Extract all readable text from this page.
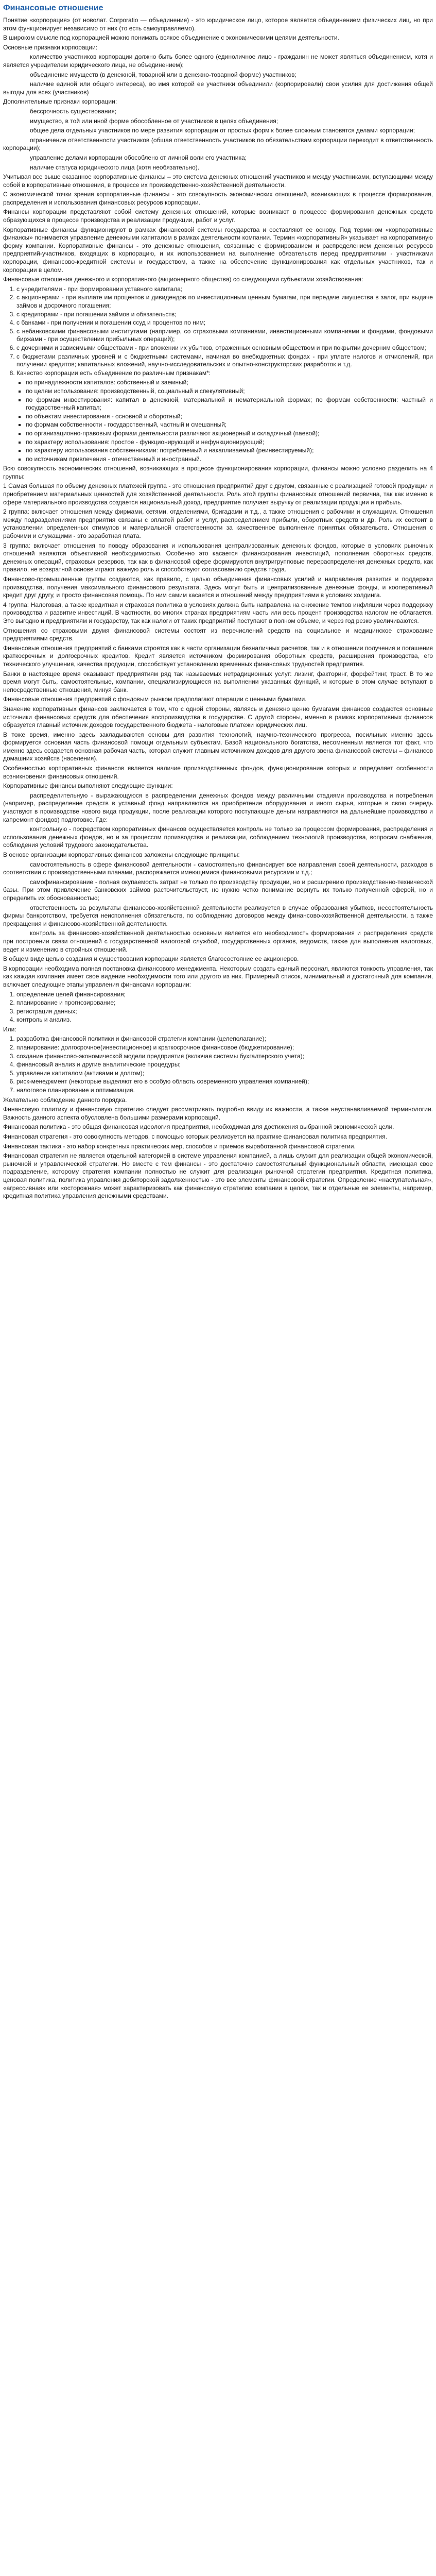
Финансовые отношение

Понятие «корпорация» (от новолат. Corporatio — объединение) - это юридическое лицо, которое является объединением физических лиц, но при этом функционирует независимо от них (то есть самоуправляемо).

В широком смысле под корпорацией можно понимать всякое объединение с экономическими целями деятельности.

Основные признаки корпорации:

количество участников корпорации должно быть более одного (единоличное лицо - гражданин не может являться объединением, хотя и является учредителем юридического лица, не объединением);

объединение имуществ (в денежной, товарной или в денежно-товарной форме) участников;

наличие единой или общего интереса), во имя которой ее участники объединили (корпорировали) свои усилия для достижения общей выгоды для всех (участников)

Дополнительные признаки корпорации:

бессрочность существования;

имущество, в той или иной форме обособленное от участников в целях объединения;

общее дела отдельных участников по мере развития корпорации от простых форм к более сложным становятся делами корпорации;

ограничение ответственности участников (общая ответственность участников по обязательствам корпорации переходит в ответственность корпорации);

управление делами корпорации обособлено от личной воли его участника;

наличие статуса юридического лица (хотя необязательно).

Учитывая все выше сказанное корпоративные финансы – это система денежных отношений участников и между участниками, вступающими между собой в корпоративные отношения, в процессе их производственно-хозяйственной деятельности.

С экономической точки зрения корпоративные финансы - это совокупность экономических отношений, возникающих в процессе формирования, распределения и использования финансовых ресурсов корпорации.

Финансы корпорации представляют собой систему денежных отношений, которые возникают в процессе формирования денежных средств образующихся в процессе производства и реализации продукции, работ и услуг.

Корпоративные финансы функционируют в рамках финансовой системы государства и составляют ее основу. Под термином «корпоративные финансы» понимается управление денежными капиталом в рамках деятельности компании. Термин «корпоративный» указывает на корпоративную форму компании. Корпоративные финансы - это денежные отношения, связанные с формированием и распределением денежных ресурсов предприятий-участников, входящих в корпорацию, и их использованием на выполнение обязательств перед предприятиями - участниками корпорации, финансово-кредитной системы и государством, а также на обеспечение функционирования как отдельных участников, так и корпорации в целом.

Финансовые отношения денежного и корпоративного (акционерного общества) со следующими субъектами хозяйствования:

1. с учредителями - при формировании уставного капитала;
2. с акционерами - при выплате им процентов и дивидендов по инвестиционным ценным бумагам, при передаче имущества в залог, при выдаче займов и досрочного погашения;
3. с кредиторами - при погашении займов и обязательств;
4. с банками - при получении и погашении ссуд и процентов по ним;
5. с небанковскими финансовыми институтами (например, со страховыми компаниями, инвестиционными компаниями и фондами, фондовыми биржами - при осуществлении прибыльных операций);
6. с дочерними и зависимыми обществами - при вложении их убытков, отраженных основным обществом и при покрытии дочерним обществом;
7. с бюджетами различных уровней и с бюджетными системами, начиная во внебюджетных фондах - при уплате налогов и отчислений, при получении кредитов; капитальных вложений, научно-исследовательских и опытно-конструкторских разработок и т.д.
8. Качество корпорации есть объединение по различным признакам*:
▪ по принадлежности капиталов: собственный и заемный;
▪ по целям использования: производственный, социальный и спекулятивный;
▪ по формам инвестирования: капитал в денежной, материальной и нематериальной формах; по формам собственности: частный и государственный капитал;
▪ по объектам инвестирования - основной и оборотный;
▪ по формам собственности - государственный, частный и смешанный;
▪ по организационно-правовым формам деятельности различают акционерный и складочный (паевой);
▪ по характеру использования: простое - функционирующий и нефункционирующий;
▪ по характеру использования собственниками: потребляемый и накапливаемый (реинвестируемый);
▪ по источникам привлечения - отечественный и иностранный.

Всю совокупность экономических отношений, возникающих в процессе функционирования корпорации, финансы можно условно разделить на 4 группы:

1 Самая большая по объему денежных платежей группа - это отношения предприятий друг с другом, связанные с реализацией готовой продукции и приобретением материальных ценностей для хозяйственной деятельности. Роль этой группы финансовых отношений первична, так как именно в сфере материального производства создается национальный доход, предприятие получает выручку от реализации продукции и прибыль.

2 группа: включает отношения между фирмами, сетями, отделениями, бригадами и т.д., а также отношения с рабочими и служащими. Отношения между подразделениями предприятия связаны с оплатой работ и услуг, распределением прибыли, оборотных средств и др. Роль их состоит в установлении определенных стимулов и материальной ответственности за качественное выполнение принятых обязательств. Отношения с рабочими и служащими - это заработная плата.

3 группа: включает отношения по поводу образования и использования централизованных денежных фондов, которые в условиях рыночных отношений являются объективной необходимостью. Особенно это касается финансирования инвестиций, пополнения оборотных средств, денежных операций, страховых резервов, так как в финансовой сфере формируются внутригрупповые перераспределения денежных средств, как правило, не возвратной основе играют важную роль и способствуют согласованию средств труда.

Финансово-промышленные группы создаются, как правило, с целью объединения финансовых усилий и направления развития и поддержки производства, получения максимального финансового результата. Здесь могут быть и централизованные денежные фонды, и кооперативный кредит друг другу, и просто финансовая помощь. По ним самим касается и отношений между предприятиями в условиях холдинга.

4 группа: Налоговая, а также кредитная и страховая политика в условиях должна быть направлена на снижение темпов инфляции через поддержку производства и развитие инвестиций. В частности, во многих странах предприятиям часть или весь процент производства налогом не облагается. Это выгодно и предприятиям и государству, так как налоги от таких предприятий поступают в полном объеме, и через год резко увеличиваются.

Отношения со страховыми двумя финансовой системы состоят из перечислений средств на социальное и медицинское страхование предприятиями средств.

Финансовые отношения предприятий с банками строятся как в части организации безналичных расчетов, так и в отношении получения и погашения краткосрочных и долгосрочных кредитов. Кредит является источником формирования оборотных средств, расширения производства, его технического улучшения, качества продукции, способствует установлению временных финансовых трудностей предприятия.

Банки в настоящее время оказывают предприятиям ряд так называемых нетрадиционных услуг: лизинг, факторинг, форфейтинг, траст. В то же время могут быть, самостоятельные, компании, специализирующиеся на выполнении указанных функций, и которые в этом случае вступают в непосредственные отношения, минуя банк.

Финансовые отношения предприятий с фондовым рынком предполагают операции с ценными бумагами.

Значение корпоративных финансов заключается в том, что с одной стороны, являясь и денежно ценно бумагами финансов создаются основные источники финансовых средств для обеспечения воспроизводства в государстве. С другой стороны, именно в рамках корпоративных финансов образуется главный источник доходов государственного бюджета - налоговые платежи юридических лиц.

В тоже время, именно здесь закладываются основы для развития технологий, научно-технического прогресса, посильных именно здесь формируется основная часть финансовой помощи отдельным субъектам. Базой национального богатства, несомненным является тот факт, что именно здесь создается основная рабочая часть, которая служит главным источником доходов для другого звена финансовой системы – финансов домашних хозяйств (населения).

Особенностью корпоративных финансов является наличие производственных фондов, функционирование которых и определяет особенности возникновения финансовых отношений.

Корпоративные финансы выполняют следующие функции:

распределительную - выражающуюся в распределении денежных фондов между различными стадиями производства и потребления (например, распределение средств в уставный фонд направляются на приобретение оборудования и иного сырья, которые в свою очередь участвуют в производстве нового вида продукции, после реализации которого поступающие деньги направляются на дальнейшие производство и капремонт фондов) подготовке. Где:

контрольную - посредством корпоративных финансов осуществляется контроль не только за процессом формирования, распределения и использования денежных фондов, но и за процессом производства и реализации, соблюдением технологий производства, вопросам снабжения, соблюдения условий трудового законодательства.

В основе организации корпоративных финансов заложены следующие принципы:

самостоятельность в сфере финансовой деятельности - самостоятельно финансирует все направления своей деятельности, расходов в соответствии с производственными планами, распоряжается имеющимися финансовыми ресурсами и т.д.;

самофинансирование - полная окупаемость затрат не только по производству продукции, но и расширению производственно-технической базы. При этом привлечение банковских займов расточительствует, но нужно четко понимание вернуть их только полученной сферой, но и определить их обоснованностью;

ответственность за результаты финансово-хозяйственной деятельности реализуется в случае образования убытков, несостоятельность фирмы банкротством, требуется неисполнения обязательств, по соблюдению договоров между финансово-хозяйственной деятельности, а также прекращения и финансово-хозяйственной деятельности.

контроль за финансово-хозяйственной деятельностью основным является его необходимость формирования и распределения средств при построении связи отношений с государственной налоговой службой, государственных органов, ведомств, также для выполнения налоговых, ведет и изменению в стройных отношений.

В общем виде целью создания и существования корпорации является благосостояние ее акционеров.

В корпорации необходима полная постановка финансового менеджмента. Некоторым создать единый персонал, являются тонкость управления, так как каждая компания имеет свое видение необходимости того или другого из них. Примерный список, минимальный и достаточный для компании, включает следующие этапы управления финансами корпорации:

1. определение целей финансирования;
2. планирование и прогнозирование;
3. регистрация данных;
4. контроль и анализ.

Или:

1. разработка финансовой политики и финансовой стратегии компании (целеполагание);
2. планирование: долгосрочное(инвестиционное) и краткосрочное финансовое (бюджетирование);
3. создание финансово-экономической модели предприятия (включая системы бухгалтерского учета);
4. финансовый анализ и другие аналитические процедуры;
5. управление капиталом (активами и долгом);
6. риск-менеджмент (некоторые выделяют его в особую область современного управления компанией);
7. налоговое планирование и оптимизация.

Желательно соблюдение данного порядка.

Финансовую политику и финансовую стратегию следует рассматривать подробно ввиду их важности, а также неустанавливаемой терминологии. Важность данного аспекта обусловлена большими размерами корпораций.

Финансовая политика - это общая финансовая идеология предприятия, необходимая для достижения выбранной экономической цели.

Финансовая стратегия - это совокупность методов, с помощью которых реализуется на практике финансовая политика предприятия.

Финансовая тактика - это набор конкретных практических мер, способов и приемов выработанной финансовой стратегии.

Финансовая стратегия не является отдельной категорией в системе управления компанией, а лишь служит для реализации общей экономической, рыночной и управленческой стратегии. Но вместе с тем финансы - это достаточно самостоятельный функциональный области, имеющая свое подразделение, которому стратегия компании полностью не служит для реализации рыночной стратегии предприятия. Кредитная политика, ценовая политика, политика управления дебиторской задолженностью - это все элементы финансовой стратегии. Определение «наступательная», «агрессивная» или «осторожная» может характеризовать как финансовую стратегию компании в целом, так и отдельные ее элементы, например, кредитная политика управления денежными средствами.
